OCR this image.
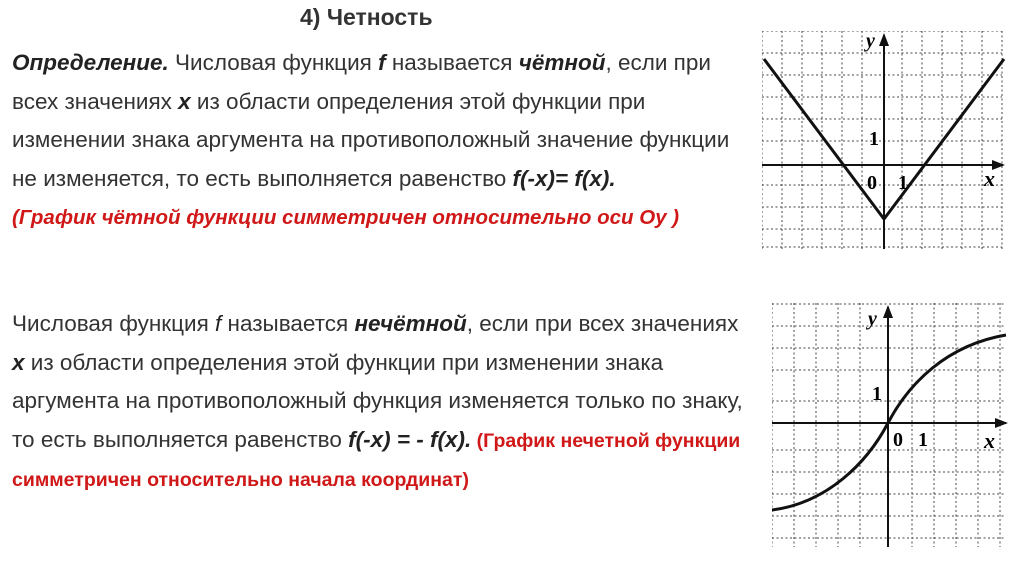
4) Четность
Определение. Числовая функция f называется чётной, если при всех значениях x из области определения этой функции при изменении знака аргумента на противоположный значение функции не изменяется, то есть выполняется равенство f(-x)= f(x).
(График чётной функции симметричен относительно оси Оу )
Числовая функция f называется нечётной, если при всех значениях x из области определения этой функции при изменении знака аргумента на противоположный функция изменяется только по знаку, то есть выполняется равенство f(-x) = - f(x). (График нечетной функции симметричен относительно начала координат)
y
x
0 1
1
y
x
0 1
1
